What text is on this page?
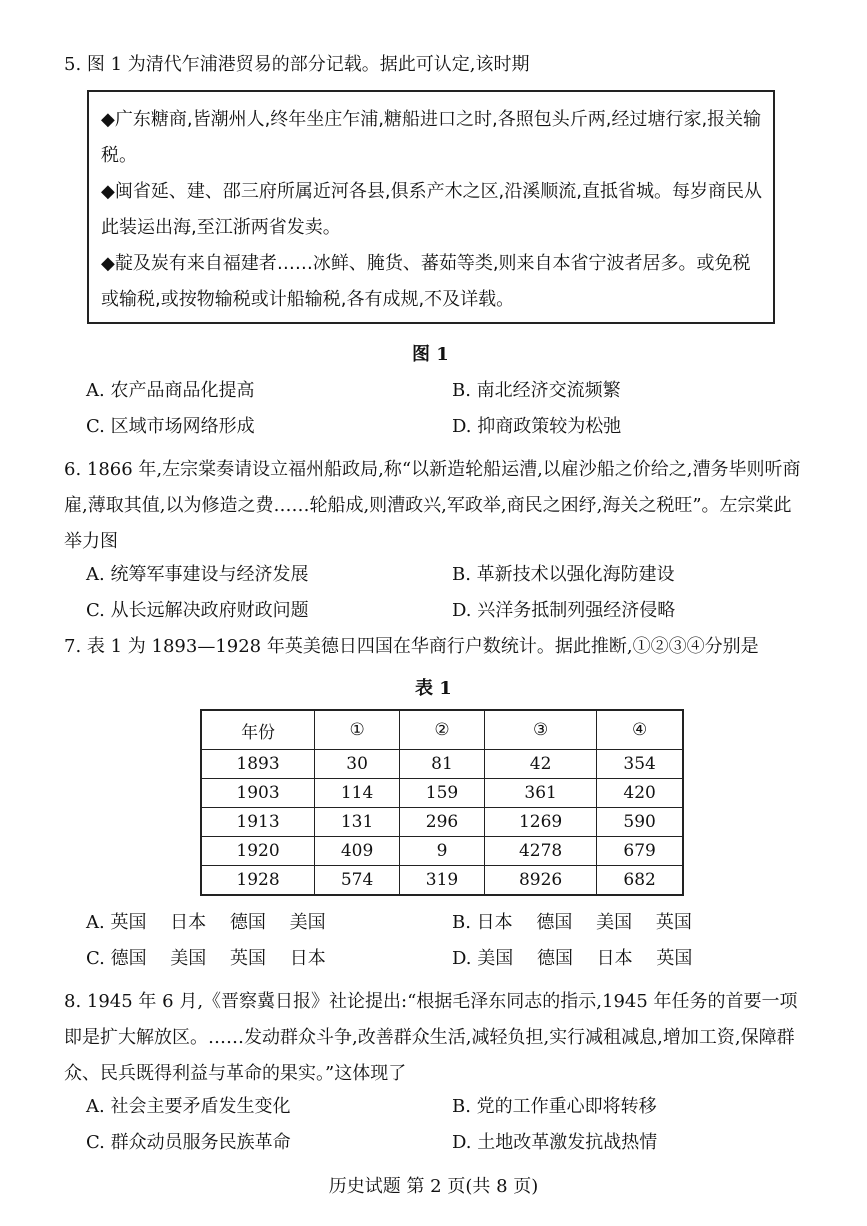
5. 图 1 为清代乍浦港贸易的部分记载。据此可认定,该时期
◆广东糖商,皆潮州人,终年坐庄乍浦,糖船进口之时,各照包头斤两,经过塘行家,报关输税。
◆闽省延、建、邵三府所属近河各县,俱系产木之区,沿溪顺流,直抵省城。每岁商民从此装运出海,至江浙两省发卖。
◆靛及炭有来自福建者……冰鲜、腌货、蕃茹等类,则来自本省宁波者居多。或免税或输税,或按物输税或计船输税,各有成规,不及详载。
图 1
A. 农产品商品化提高	B. 南北经济交流频繁
C. 区域市场网络形成	D. 抑商政策较为松弛
6. 1866 年,左宗棠奏请设立福州船政局,称“以新造轮船运漕,以雇沙船之价给之,漕务毕则听商雇,薄取其值,以为修造之费……轮船成,则漕政兴,军政举,商民之困纾,海关之税旺”。左宗棠此举力图
A. 统筹军事建设与经济发展	B. 革新技术以强化海防建设
C. 从长远解决政府财政问题	D. 兴洋务抵制列强经济侵略
7. 表 1 为 1893—1928 年英美德日四国在华商行户数统计。据此推断,①②③④分别是
表 1
年份	①	②	③	④
1893	30	81	42	354
1903	114	159	361	420
1913	131	296	1269	590
1920	409	9	4278	679
1928	574	319	8926	682
A. 英国　 日本　 德国　 美国	B. 日本　 德国　 美国　 英国
C. 德国　 美国　 英国　 日本	D. 美国　 德国　 日本　 英国
8. 1945 年 6 月,《晋察冀日报》社论提出:“根据毛泽东同志的指示,1945 年任务的首要一项即是扩大解放区。……发动群众斗争,改善群众生活,减轻负担,实行减租减息,增加工资,保障群众、民兵既得利益与革命的果实。”这体现了
A. 社会主要矛盾发生变化	B. 党的工作重心即将转移
C. 群众动员服务民族革命	D. 土地改革激发抗战热情
历史试题 第 2 页(共 8 页)
